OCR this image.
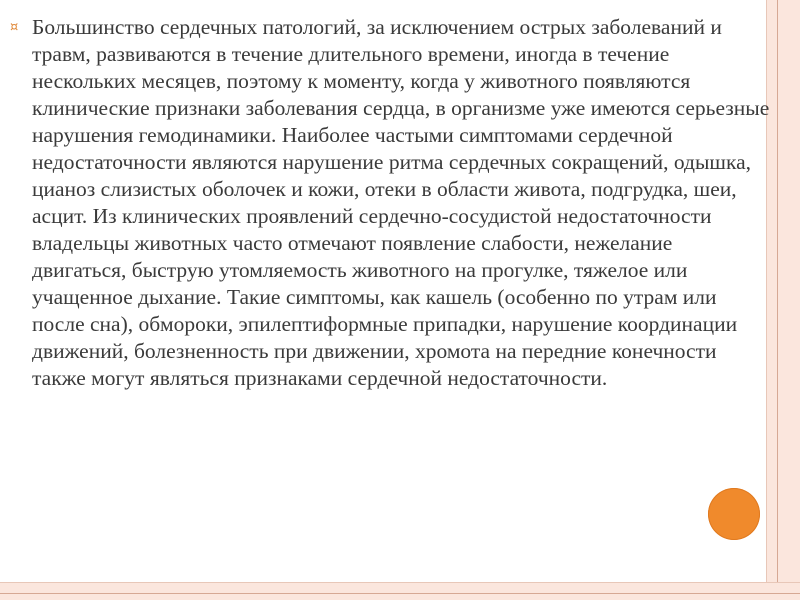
¤ Большинство сердечных патологий, за исключением острых заболеваний и травм, развиваются в течение длительного времени, иногда в течение нескольких месяцев, поэтому к моменту, когда у животного появляются клинические признаки заболевания сердца, в организме уже имеются серьезные нарушения гемодинамики. Наиболее частыми симптомами сердечной недостаточности являются нарушение ритма сердечных сокращений, одышка, цианоз слизистых оболочек и кожи, отеки в области живота, подгрудка, шеи, асцит. Из клинических проявлений сердечно-сосудистой недостаточности владельцы животных часто отмечают появление слабости, нежелание двигаться, быструю утомляемость животного на прогулке, тяжелое или учащенное дыхание. Такие симптомы, как кашель (особенно по утрам или после сна), обмороки, эпилептиформные припадки, нарушение координации движений, болезненность при движении, хромота на передние конечности также могут являться признаками сердечной недостаточности.
